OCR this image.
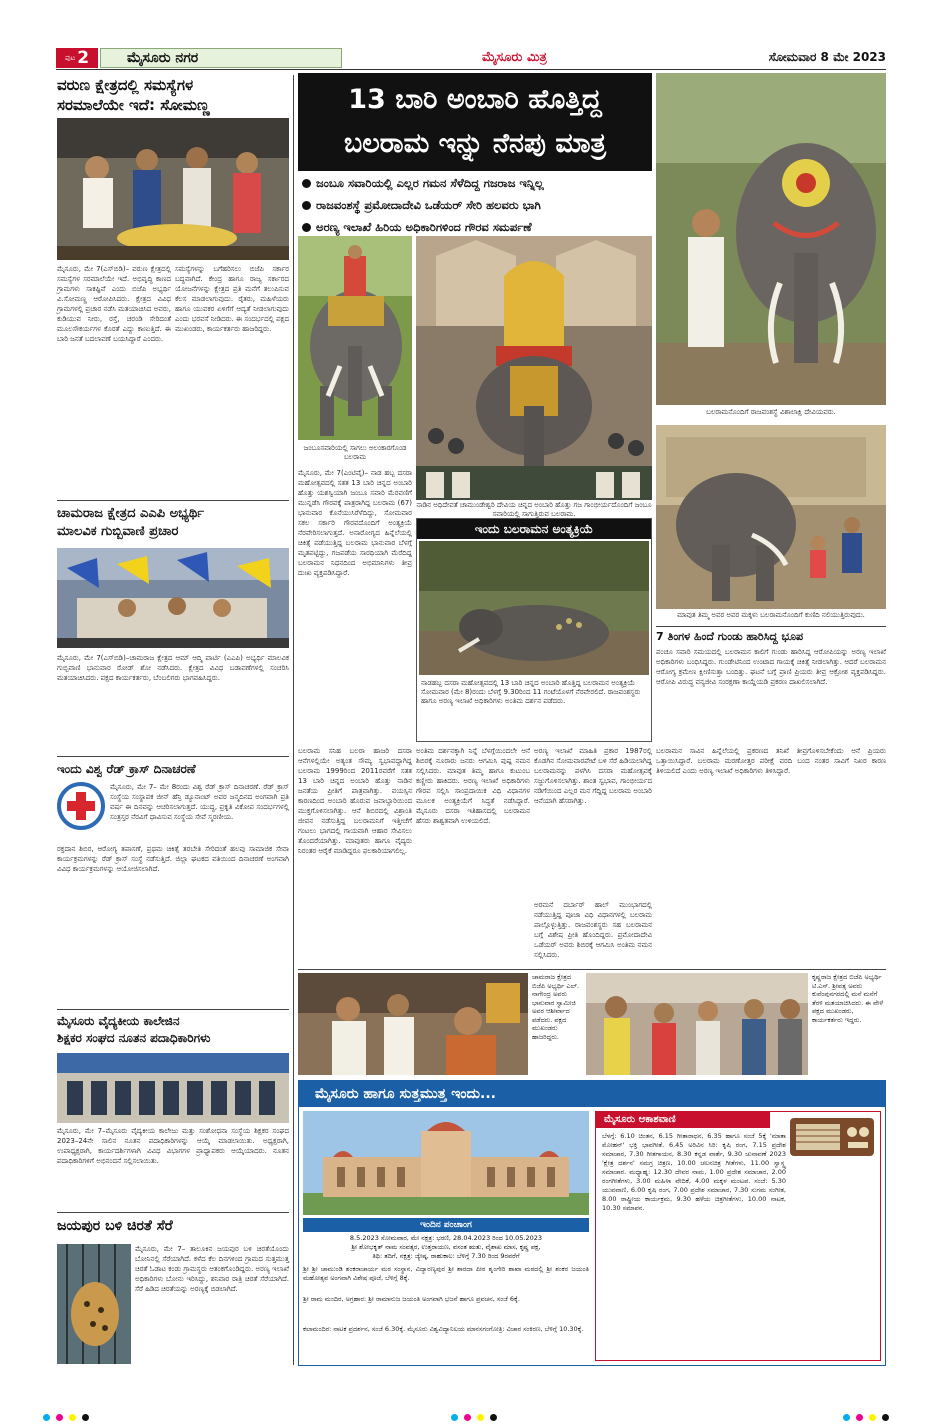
ಪುಟ 2	ಮೈಸೂರು ನಗರ	ಮೈಸೂರು ಮಿತ್ರ	ಸೋಮವಾರ 8 ಮೇ 2023
ವರುಣ ಕ್ಷೇತ್ರದಲ್ಲಿ ಸಮಸ್ಯೆಗಳ
ಸರಮಾಲೆಯೇ ಇದೆ: ಸೋಮಣ್ಣ
ಮೈಸೂರು, ಮೇ 7(ಎಸ್‌ಬಿಡಿ)– ವರುಣ ಕ್ಷೇತ್ರದಲ್ಲಿ ಸಮಸ್ಯೆಗಳ ಸರಮಾಲೆಯೇ ಇದೆ. ಅಭಿವೃದ್ಧಿ ಕಾಣದ ಗ್ರಾಮಗಳು ಸಾಕಷ್ಟಿವೆ ಎಂದು ಬಿಜೆಪಿ ಅಭ್ಯರ್ಥಿ ವಿ.ಸೋಮಣ್ಣ ಆರೋಪಿಸಿದರು. ಕ್ಷೇತ್ರದ ವಿವಿಧ ಗ್ರಾಮಗಳಲ್ಲಿ ಪ್ರಚಾರ ನಡೆಸಿ ಮತಯಾಚಿಸಿದ ಅವರು, ಕುಡಿಯುವ ನೀರು, ರಸ್ತೆ, ಚರಂಡಿ ಸೇರಿದಂತೆ ಮೂಲಸೌಕರ್ಯಗಳ ಕೊರತೆ ಎದ್ದು ಕಾಣುತ್ತಿದೆ. ಈ ಬಾರಿ ಜನತೆ ಬದಲಾವಣೆ ಬಯಸಿದ್ದಾರೆ ಎಂದರು.
ಸಮಸ್ಯೆಗಳನ್ನು ಬಗೆಹರಿಸಲು ಬಿಜೆಪಿ ಸರ್ಕಾರ ಬದ್ಧವಾಗಿದೆ. ಕೇಂದ್ರ ಹಾಗೂ ರಾಜ್ಯ ಸರ್ಕಾರದ ಯೋಜನೆಗಳನ್ನು ಕ್ಷೇತ್ರದ ಪ್ರತಿ ಮನೆಗೆ ತಲುಪಿಸುವ ಕೆಲಸ ಮಾಡಲಾಗುವುದು. ರೈತರು, ಮಹಿಳೆಯರು ಹಾಗೂ ಯುವಕರ ಏಳಿಗೆಗೆ ಆದ್ಯತೆ ನೀಡಲಾಗುವುದು ಎಂದು ಭರವಸೆ ನೀಡಿದರು. ಈ ಸಂದರ್ಭದಲ್ಲಿ ಪಕ್ಷದ ಮುಖಂಡರು, ಕಾರ್ಯಕರ್ತರು ಹಾಜರಿದ್ದರು.
ಚಾಮರಾಜ ಕ್ಷೇತ್ರದ ಎಎಪಿ ಅಭ್ಯರ್ಥಿ
ಮಾಲವಿಕ ಗುಬ್ಬಿವಾಣಿ ಪ್ರಚಾರ
ಮೈಸೂರು, ಮೇ 7(ಎಸ್‌ಬಿಡಿ)–ಚಾಮರಾಜ ಕ್ಷೇತ್ರದ ಆಮ್ ಆದ್ಮಿ ಪಾರ್ಟಿ (ಎಎಪಿ) ಅಭ್ಯರ್ಥಿ ಮಾಲವಿಕ ಗುಬ್ಬಿವಾಣಿ ಭಾನುವಾರ ರೋಡ್ ಶೋ ನಡೆಸಿದರು. ಕ್ಷೇತ್ರದ ವಿವಿಧ ಬಡಾವಣೆಗಳಲ್ಲಿ ಸಂಚರಿಸಿ ಮತಯಾಚಿಸಿದರು. ಪಕ್ಷದ ಕಾರ್ಯಕರ್ತರು, ಬೆಂಬಲಿಗರು ಭಾಗವಹಿಸಿದ್ದರು.
ಇಂದು ವಿಶ್ವ ರೆಡ್ ಕ್ರಾಸ್ ದಿನಾಚರಣೆ
ಮೈಸೂರು, ಮೇ 7– ಮೇ 8ರಂದು ವಿಶ್ವ ರೆಡ್ ಕ್ರಾಸ್ ದಿನಾಚರಣೆ. ರೆಡ್ ಕ್ರಾಸ್ ಸಂಸ್ಥೆಯ ಸಂಸ್ಥಾಪಕ ಜೀನ್ ಹೆನ್ರಿ ಡ್ಯೂನಾಂಟ್ ಅವರ ಜನ್ಮದಿನದ ಅಂಗವಾಗಿ ಪ್ರತಿ ವರ್ಷ ಈ ದಿನವನ್ನು ಆಚರಿಸಲಾಗುತ್ತದೆ. ಯುದ್ಧ, ಪ್ರಕೃತಿ ವಿಕೋಪ ಸಂದರ್ಭಗಳಲ್ಲಿ ಸಂತ್ರಸ್ತರ ನೆರವಿಗೆ ಧಾವಿಸುವ ಸಂಸ್ಥೆಯ ಸೇವೆ ಸ್ಮರಣೀಯ.
ರಕ್ತದಾನ ಶಿಬಿರ, ಆರೋಗ್ಯ ತಪಾಸಣೆ, ಪ್ರಥಮ ಚಿಕಿತ್ಸೆ ತರಬೇತಿ ಸೇರಿದಂತೆ ಹಲವು ಸಾಮಾಜಿಕ ಸೇವಾ ಕಾರ್ಯಕ್ರಮಗಳನ್ನು ರೆಡ್ ಕ್ರಾಸ್ ಸಂಸ್ಥೆ ನಡೆಸುತ್ತಿದೆ. ಜಿಲ್ಲಾ ಘಟಕದ ವತಿಯಿಂದ ದಿನಾಚರಣೆ ಅಂಗವಾಗಿ ವಿವಿಧ ಕಾರ್ಯಕ್ರಮಗಳನ್ನು ಆಯೋಜಿಸಲಾಗಿದೆ.
ಮೈಸೂರು ವೈದ್ಯಕೀಯ ಕಾಲೇಜಿನ
ಶಿಕ್ಷಕರ ಸಂಘದ ನೂತನ ಪದಾಧಿಕಾರಿಗಳು
ಮೈಸೂರು, ಮೇ 7–ಮೈಸೂರು ವೈದ್ಯಕೀಯ ಕಾಲೇಜು ಮತ್ತು ಸಂಶೋಧನಾ ಸಂಸ್ಥೆಯ ಶಿಕ್ಷಕರ ಸಂಘದ 2023–24ನೇ ಸಾಲಿನ ನೂತನ ಪದಾಧಿಕಾರಿಗಳನ್ನು ಆಯ್ಕೆ ಮಾಡಲಾಯಿತು. ಅಧ್ಯಕ್ಷರಾಗಿ, ಉಪಾಧ್ಯಕ್ಷರಾಗಿ, ಕಾರ್ಯದರ್ಶಿಗಳಾಗಿ ವಿವಿಧ ವಿಭಾಗಗಳ ಪ್ರಾಧ್ಯಾಪಕರು ಆಯ್ಕೆಯಾದರು. ನೂತನ ಪದಾಧಿಕಾರಿಗಳಿಗೆ ಅಭಿನಂದನೆ ಸಲ್ಲಿಸಲಾಯಿತು.
ಜಯಪುರ ಬಳಿ ಚಿರತೆ ಸೆರೆ
ಮೈಸೂರು, ಮೇ 7– ತಾಲೂಕಿನ ಜಯಪುರ ಬಳಿ ಚಿರತೆಯೊಂದು ಬೋನಿನಲ್ಲಿ ಸೆರೆಯಾಗಿದೆ. ಕಳೆದ ಕೆಲ ದಿನಗಳಿಂದ ಗ್ರಾಮದ ಸುತ್ತಮುತ್ತ ಚಿರತೆ ಓಡಾಟ ಕಂಡು ಗ್ರಾಮಸ್ಥರು ಆತಂಕಗೊಂಡಿದ್ದರು. ಅರಣ್ಯ ಇಲಾಖೆ ಅಧಿಕಾರಿಗಳು ಬೋನು ಇರಿಸಿದ್ದು, ಶನಿವಾರ ರಾತ್ರಿ ಚಿರತೆ ಸೆರೆಯಾಗಿದೆ. ಸೆರೆ ಹಿಡಿದ ಚಿರತೆಯನ್ನು ಅರಣ್ಯಕ್ಕೆ ಬಿಡಲಾಗಿದೆ.
13 ಬಾರಿ ಅಂಬಾರಿ ಹೊತ್ತಿದ್ದ
ಬಲರಾಮ ಇನ್ನು ನೆನಪು ಮಾತ್ರ
ಜಂಬೂ ಸವಾರಿಯಲ್ಲಿ ಎಲ್ಲರ ಗಮನ ಸೆಳೆದಿದ್ದ ಗಜರಾಜ ಇನ್ನಿಲ್ಲ
ರಾಜವಂಶಸ್ಥೆ ಪ್ರಮೋದಾದೇವಿ ಒಡೆಯರ್ ಸೇರಿ ಹಲವರು ಭಾಗಿ
ಅರಣ್ಯ ಇಲಾಖೆ ಹಿರಿಯ ಅಧಿಕಾರಿಗಳಿಂದ ಗೌರವ ಸಮರ್ಪಣೆ
ಜಂಬೂಸವಾರಿಯಲ್ಲಿ ಸಾಗಲು ಅಲಂಕಾರಗೊಂಡ ಬಲರಾಮ
ನಾಡಿನ ಅಧಿದೇವತೆ ಚಾಮುಂಡೇಶ್ವರಿ ದೇವಿಯ ಚಿನ್ನದ ಅಂಬಾರಿ ಹೊತ್ತು ಗಜ ಗಾಂಭೀರ್ಯದೊಂದಿಗೆ ಜಂಬೂ ಸವಾರಿಯಲ್ಲಿ ಸಾಗುತ್ತಿರುವ ಬಲರಾಮ.
ಮೈಸೂರು, ಮೇ 7(ಎಂಟಿವೈ)– ನಾಡ ಹಬ್ಬ ದಸರಾ ಮಹೋತ್ಸವದಲ್ಲಿ ಸತತ 13 ಬಾರಿ ಚಿನ್ನದ ಅಂಬಾರಿ ಹೊತ್ತು ಯಶಸ್ವಿಯಾಗಿ ಜಂಬೂ ಸವಾರಿ ಮೆರವಣಿಗೆ ಮುನ್ನಡೆಸಿ ಗೌರವಕ್ಕೆ ಪಾತ್ರರಾಗಿದ್ದ ಬಲರಾಮ (67) ಭಾನುವಾರ ಕೊನೆಯುಸಿರೆಳೆದಿದ್ದು, ಸೋಮವಾರ ಸಕಲ ಸರ್ಕಾರಿ ಗೌರವದೊಂದಿಗೆ ಅಂತ್ಯಕ್ರಿಯೆ ನೆರವೇರಿಸಲಾಗುತ್ತದೆ. ಅನಾರೋಗ್ಯದ ಹಿನ್ನೆಲೆಯಲ್ಲಿ ಚಿಕಿತ್ಸೆ ಪಡೆಯುತ್ತಿದ್ದ ಬಲರಾಮ ಭಾನುವಾರ ಬೆಳಗ್ಗೆ ಮೃತಪಟ್ಟಿದ್ದು, ಗಜಪಡೆಯ ಸಾರಥಿಯಾಗಿ ಮೆರೆದಿದ್ದ ಬಲರಾಮನ ನಿಧನದಿಂದ ಅಭಿಮಾನಿಗಳು ತೀವ್ರ ದುಃಖ ವ್ಯಕ್ತಪಡಿಸಿದ್ದಾರೆ.
ಇಂದು ಬಲರಾಮನ ಅಂತ್ಯಕ್ರಿಯೆ
ನಾಡಹಬ್ಬ ದಸರಾ ಮಹೋತ್ಸವದಲ್ಲಿ 13 ಬಾರಿ ಚಿನ್ನದ ಅಂಬಾರಿ ಹೊತ್ತಿದ್ದ ಬಲರಾಮನ ಅಂತ್ಯಕ್ರಿಯೆ ಸೋಮವಾರ (ಮೇ 8)ರಂದು ಬೆಳಗ್ಗೆ 9.30ರಿಂದ 11 ಗಂಟೆಯೊಳಗೆ ನೆರವೇರಲಿದೆ. ರಾಜವಂಶಸ್ಥರು ಹಾಗೂ ಅರಣ್ಯ ಇಲಾಖೆ ಅಧಿಕಾರಿಗಳು ಅಂತಿಮ ದರ್ಶನ ಪಡೆದರು.
ಬಲರಾಮ ಸನಿಹ ಬಲರಾ ಹಾಜರಿ ದಸರಾ ಆನೆಗಳಲ್ಲಿಯೇ ಅತ್ಯಂತ ಸೌಮ್ಯ ಸ್ವಭಾವದ್ದಾಗಿದ್ದ ಬಲರಾಮ 1999ರಿಂದ 2011ರವರೆಗೆ ಸತತ 13 ಬಾರಿ ಚಿನ್ನದ ಅಂಬಾರಿ ಹೊತ್ತು ನಾಡಿನ ಜನತೆಯ ಪ್ರೀತಿಗೆ ಪಾತ್ರವಾಗಿತ್ತು. ವಯಸ್ಸಿನ ಕಾರಣದಿಂದ ಅಂಬಾರಿ ಹೊರುವ ಜವಾಬ್ದಾರಿಯಿಂದ ಮುಕ್ತಗೊಳಿಸಲಾಗಿತ್ತು. ಆನೆ ಶಿಬಿರದಲ್ಲಿ ವಿಶ್ರಾಂತಿ ಜೀವನ ನಡೆಸುತ್ತಿದ್ದ ಬಲರಾಮನಿಗೆ ಇತ್ತೀಚೆಗೆ ಗಂಟಲು ಭಾಗದಲ್ಲಿ ಗಾಯವಾಗಿ ಆಹಾರ ಸೇವಿಸಲು ತೊಂದರೆಯಾಗಿತ್ತು. ಮಾವುತರು ಹಾಗೂ ವೈದ್ಯರು ನಿರಂತರ ಆರೈಕೆ ಮಾಡಿದ್ದರೂ ಫಲಕಾರಿಯಾಗಲಿಲ್ಲ.
ಅಂತಿಮ ದರ್ಶನಕ್ಕಾಗಿ ನಿನ್ನೆ ಬೆಳಗ್ಗೆಯಿಂದಲೇ ಆನೆ ಶಿಬಿರಕ್ಕೆ ನೂರಾರು ಜನರು ಆಗಮಿಸಿ ಪುಷ್ಪ ನಮನ ಸಲ್ಲಿಸಿದರು. ಮಾವುತ ತಿಮ್ಮ ಹಾಗೂ ಕುಟುಂಬ ಕಣ್ಣೀರು ಹಾಕಿದರು. ಅರಣ್ಯ ಇಲಾಖೆ ಅಧಿಕಾರಿಗಳು ಗೌರವ ಸಲ್ಲಿಸಿ ಸಾಂಪ್ರದಾಯಿಕ ವಿಧಿ ವಿಧಾನಗಳ ಮೂಲಕ ಅಂತ್ಯಕ್ರಿಯೆಗೆ ಸಿದ್ಧತೆ ನಡೆಸಿದ್ದಾರೆ. ಮೈಸೂರು ದಸರಾ ಇತಿಹಾಸದಲ್ಲಿ ಬಲರಾಮನ ಹೆಸರು ಶಾಶ್ವತವಾಗಿ ಉಳಿಯಲಿದೆ.
ಅರಣ್ಯ ಇಲಾಖೆ ಮಾಹಿತಿ ಪ್ರಕಾರ 1987ರಲ್ಲಿ ಕೊಡಗಿನ ಸೋಮವಾರಪೇಟೆ ಬಳಿ ಸೆರೆ ಹಿಡಿಯಲಾಗಿದ್ದ ಬಲರಾಮನನ್ನು ಪಳಗಿಸಿ ದಸರಾ ಮಹೋತ್ಸವಕ್ಕೆ ಸಜ್ಜುಗೊಳಿಸಲಾಗಿತ್ತು. ಶಾಂತ ಸ್ವಭಾವ, ಗಾಂಭೀರ್ಯದ ನಡಿಗೆಯಿಂದ ಎಲ್ಲರ ಮನ ಗೆದ್ದಿದ್ದ ಬಲರಾಮ ಅಂಬಾರಿ ಆನೆಯಾಗಿ ಹೆಸರಾಗಿತ್ತು.
ಬಲರಾಮನೊಂದಿಗೆ ರಾಜವಂಶಸ್ಥೆ ವಿಶಾಲಾಕ್ಷಿ ದೇವಿಯವರು.
ಮಾವುತ ತಿಮ್ಮ ಅವರ ಅವರ ಮಕ್ಕಳು ಬಲರಾಮನೊಂದಿಗೆ ಕುಣಿದಿ ನಲಿಯುತ್ತಿರುವುದು.
7 ತಿಂಗಳ ಹಿಂದೆ ಗುಂಡು ಹಾರಿಸಿದ್ದ ಭೂಪ
ಪಂಚೂ ಸವಾರಿ ಸಮಯದಲ್ಲಿ ಬಲರಾಮನ ಕಾಲಿಗೆ ಗುಂಡು ಹಾರಿಸಿದ್ದ ಆರೋಪಿಯನ್ನು ಅರಣ್ಯ ಇಲಾಖೆ ಅಧಿಕಾರಿಗಳು ಬಂಧಿಸಿದ್ದರು. ಗುಂಡೇಟಿನಿಂದ ಉಂಟಾದ ಗಾಯಕ್ಕೆ ಚಿಕಿತ್ಸೆ ನೀಡಲಾಗಿತ್ತು. ಆದರೆ ಬಲರಾಮನ ಆರೋಗ್ಯ ಕ್ರಮೇಣ ಕ್ಷೀಣಿಸುತ್ತಾ ಬಂದಿತ್ತು. ಘಟನೆ ಬಗ್ಗೆ ಪ್ರಾಣಿ ಪ್ರಿಯರು ತೀವ್ರ ಆಕ್ರೋಶ ವ್ಯಕ್ತಪಡಿಸಿದ್ದರು. ಆರೋಪಿ ವಿರುದ್ಧ ವನ್ಯಜೀವಿ ಸಂರಕ್ಷಣಾ ಕಾಯ್ದೆಯಡಿ ಪ್ರಕರಣ ದಾಖಲಿಸಲಾಗಿದೆ.
ಬಲರಾಮನ ಸಾವಿನ ಹಿನ್ನೆಲೆಯಲ್ಲಿ ಪ್ರಕರಣದ ತನಿಖೆ ತೀವ್ರಗೊಳಿಸಬೇಕೆಂದು ಆನೆ ಪ್ರಿಯರು ಒತ್ತಾಯಿಸಿದ್ದಾರೆ. ಬಲರಾಮ ಮರಣೋತ್ತರ ಪರೀಕ್ಷೆ ವರದಿ ಬಂದ ನಂತರ ಸಾವಿಗೆ ನಿಖರ ಕಾರಣ ತಿಳಿಯಲಿದೆ ಎಂದು ಅರಣ್ಯ ಇಲಾಖೆ ಅಧಿಕಾರಿಗಳು ತಿಳಿಸಿದ್ದಾರೆ.
ಅರಮನೆ ದರ್ಬಾರ್ ಹಾಲ್ ಮುಂಭಾಗದಲ್ಲಿ ನಡೆಯುತ್ತಿದ್ದ ಪೂಜಾ ವಿಧಿ ವಿಧಾನಗಳಲ್ಲಿ ಬಲರಾಮ ಪಾಲ್ಗೊಳ್ಳುತ್ತಿತ್ತು. ರಾಜವಂಶಸ್ಥರು ಸಹ ಬಲರಾಮನ ಬಗ್ಗೆ ವಿಶೇಷ ಪ್ರೀತಿ ಹೊಂದಿದ್ದರು. ಪ್ರಮೋದಾದೇವಿ ಒಡೆಯರ್ ಅವರು ಶಿಬಿರಕ್ಕೆ ಆಗಮಿಸಿ ಅಂತಿಮ ನಮನ ಸಲ್ಲಿಸಿದರು.
ಚಾಮರಾಜ ಕ್ಷೇತ್ರದ ಬಿಜೆಪಿ ಅಭ್ಯರ್ಥಿ ಎಲ್. ನಾಗೇಂದ್ರ ಅವರು ಭಾನುವಾರ ಸ್ವಾಮೀಜಿ ಅವರ ಆಶೀರ್ವಾದ ಪಡೆದರು. ಪಕ್ಷದ ಮುಖಂಡರು ಹಾಜರಿದ್ದರು.
ಕೃಷ್ಣರಾಜ ಕ್ಷೇತ್ರದ ಬಿಜೆಪಿ ಅಭ್ಯರ್ಥಿ ಟಿ.ಎಸ್. ಶ್ರೀವತ್ಸ ಅವರು ಕುವೆಂಪುನಗರದಲ್ಲಿ ಮನೆ ಮನೆಗೆ ತೆರಳಿ ಮತಯಾಚಿಸಿದರು. ಈ ವೇಳೆ ಪಕ್ಷದ ಮುಖಂಡರು, ಕಾರ್ಯಕರ್ತರು ಇದ್ದರು.
ಮೈಸೂರು ಹಾಗೂ ಸುತ್ತಮುತ್ತ ಇಂದು...
ಇಂದಿನ ಪಂಚಾಂಗ
8.5.2023 ಸೋಮವಾರ, ಮೇ ನಕ್ಷತ್ರ: ಭರಣಿ, 28.04.2023 ರಿಂದ 10.05.2023
ಶ್ರೀ ಶೋಭಕೃತ್ ನಾಮ ಸಂವತ್ಸರ, ಉತ್ತರಾಯಣ, ವಸಂತ ಋತು, ವೈಶಾಖ ಮಾಸ, ಕೃಷ್ಣ ಪಕ್ಷ,
ತಿಥಿ: ತದಿಗೆ, ನಕ್ಷತ್ರ: ಜ್ಯೇಷ್ಠ, ರಾಹುಕಾಲ: ಬೆಳಿಗ್ಗೆ 7.30 ರಿಂದ 9ರವರೆಗೆ
ಶ್ರೀ ಶ್ರೀ ಚಾಮುಂಡಿ ಶಂಕರಾಚಾರ್ಯ ಮಠ ಸಂಸ್ಥಾನ, ವಿದ್ಯಾರಣ್ಯಪುರ ಶ್ರೀ ಶಾರದಾ ಪೀಠ ಶೃಂಗೇರಿ ಶಾಖಾ ಮಠದಲ್ಲಿ ಶ್ರೀ ಶಂಕರ ಜಯಂತಿ ಮಹೋತ್ಸವ ಅಂಗವಾಗಿ ವಿಶೇಷ ಪೂಜೆ, ಬೆಳಿಗ್ಗೆ 8ಕ್ಕೆ.
ಶ್ರೀ ರಾಮ ಮಂದಿರ, ಅಗ್ರಹಾರ: ಶ್ರೀ ರಾಮಾನುಜ ಜಯಂತಿ ಅಂಗವಾಗಿ ಭಜನೆ ಹಾಗೂ ಪ್ರವಚನ, ಸಂಜೆ 6ಕ್ಕೆ.
ಕಲಾಮಂದಿರ: ನಾಟಕ ಪ್ರದರ್ಶನ, ಸಂಜೆ 6.30ಕ್ಕೆ. ಮೈಸೂರು ವಿಶ್ವವಿದ್ಯಾನಿಲಯ ಮಾನಸಗಂಗೋತ್ರಿ: ವಿಚಾರ ಸಂಕಿರಣ, ಬೆಳಿಗ್ಗೆ 10.30ಕ್ಕೆ.
ಮೈಸೂರು ಆಕಾಶವಾಣಿ
ಬೆಳಗ್ಗೆ: 6.10 ಚಿಂತನ, 6.15 ಗೀತಾರಾಧನ, 6.35 ಹಾಗೂ ಸಂಜೆ 5ಕ್ಕೆ 'ಮಾತಾ ಮೋಹನ್' ಭಕ್ತಿ ಭಾವಗೀತೆ. 6.45 ಅರಿವಿನ ಸಿರಿ: ಕೃಷಿ ರಂಗ, 7.15 ಪ್ರದೇಶ ಸಮಾಚಾರ, 7.30 ಗೀತಗಾಯನ, 8.30 ಕನ್ನಡ ವಾರ್ತೆ, 9.30 ಚುನಾವಣೆ 2023 'ಕ್ಷೇತ್ರ ದರ್ಶನ' ಸಮಗ್ರ ಚಿತ್ರಣ, 10.00 ಚಲನಚಿತ್ರ ಗೀತೆಗಳು, 11.00 ಸ್ವಾಸ್ಥ್ಯ ಸಮಾಚಾರ. ಮಧ್ಯಾಹ್ನ: 12.30 ದೇವರ ನಾಮ, 1.00 ಪ್ರದೇಶ ಸಮಾಚಾರ, 2.00 ರಂಗಗೀತೆಗಳು, 3.00 ಮಹಿಳಾ ವೇದಿಕೆ, 4.00 ಮಕ್ಕಳ ಮಂಟಪ. ಸಂಜೆ: 5.30 ಯುವವಾಣಿ, 6.00 ಕೃಷಿ ರಂಗ, 7.00 ಪ್ರದೇಶ ಸಮಾಚಾರ, 7.30 ಸುಗಮ ಸಂಗೀತ, 8.00 ರಾಷ್ಟ್ರೀಯ ಕಾರ್ಯಕ್ರಮ, 9.30 ಹಳೆಯ ಚಿತ್ರಗೀತೆಗಳು, 10.00 ನಾಟಕ, 10.30 ಸಮಾಪನ.
